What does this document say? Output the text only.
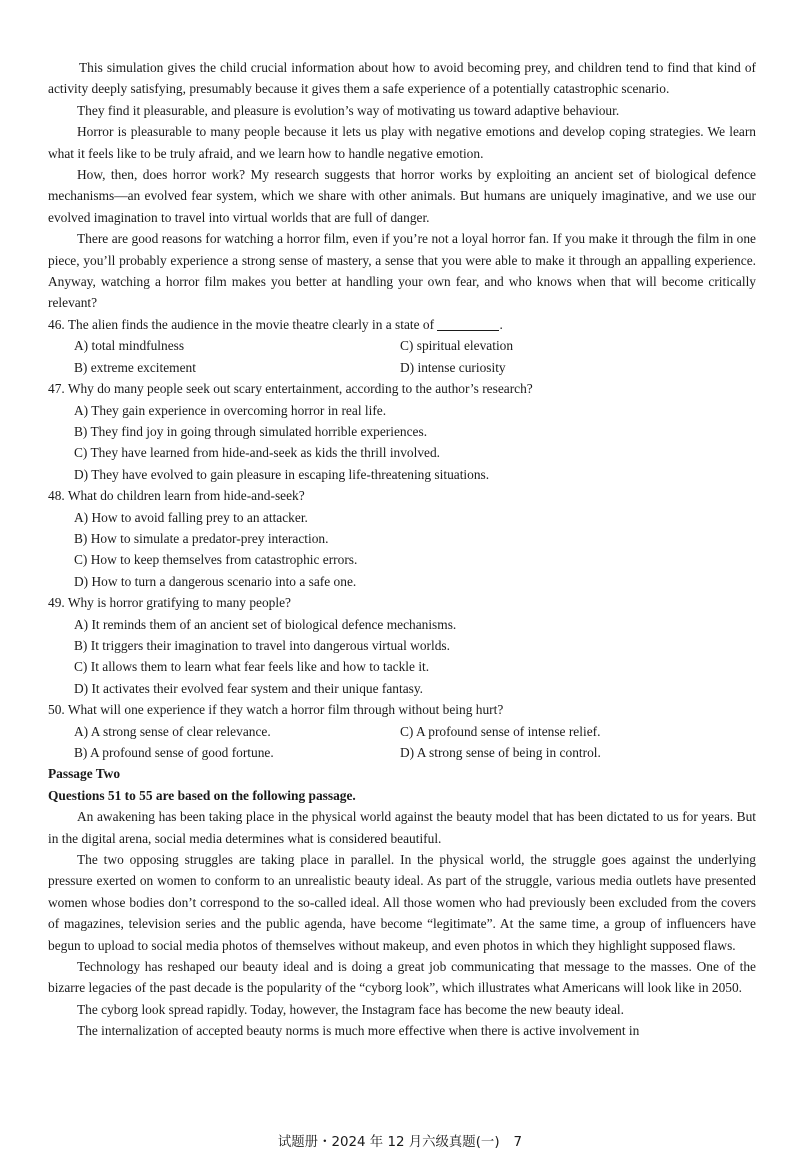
This simulation gives the child crucial information about how to avoid becoming prey, and children tend to find that kind of activity deeply satisfying, presumably because it gives them a safe experience of a potentially catastrophic scenario.

They find it pleasurable, and pleasure is evolution’s way of motivating us toward adaptive behaviour.

Horror is pleasurable to many people because it lets us play with negative emotions and develop coping strategies. We learn what it feels like to be truly afraid, and we learn how to handle negative emotion.

How, then, does horror work? My research suggests that horror works by exploiting an ancient set of biological defence mechanisms—an evolved fear system, which we share with other animals. But humans are uniquely imaginative, and we use our evolved imagination to travel into virtual worlds that are full of danger.

There are good reasons for watching a horror film, even if you’re not a loyal horror fan. If you make it through the film in one piece, you’ll probably experience a strong sense of mastery, a sense that you were able to make it through an appalling experience. Anyway, watching a horror film makes you better at handling your own fear, and who knows when that will become critically relevant?

46. The alien finds the audience in the movie theatre clearly in a state of	.

A) total mindfulness	C) spiritual elevation

B) extreme excitement	D) intense curiosity

47. Why do many people seek out scary entertainment, according to the author’s research?

A) They gain experience in overcoming horror in real life.

B) They find joy in going through simulated horrible experiences.

C) They have learned from hide-and-seek as kids the thrill involved.

D) They have evolved to gain pleasure in escaping life-threatening situations.

48. What do children learn from hide-and-seek?

A) How to avoid falling prey to an attacker.

B) How to simulate a predator-prey interaction.

C) How to keep themselves from catastrophic errors.

D) How to turn a dangerous scenario into a safe one.

49. Why is horror gratifying to many people?

A) It reminds them of an ancient set of biological defence mechanisms.

B) It triggers their imagination to travel into dangerous virtual worlds.

C) It allows them to learn what fear feels like and how to tackle it.

D) It activates their evolved fear system and their unique fantasy.

50. What will one experience if they watch a horror film through without being hurt?

A) A strong sense of clear relevance.	C) A profound sense of intense relief.

B) A profound sense of good fortune.	D) A strong sense of being in control.

Passage Two

Questions 51 to 55 are based on the following passage.

An awakening has been taking place in the physical world against the beauty model that has been dictated to us for years. But in the digital arena, social media determines what is considered beautiful.

The two opposing struggles are taking place in parallel. In the physical world, the struggle goes against the underlying pressure exerted on women to conform to an unrealistic beauty ideal. As part of the struggle, various media outlets have presented women whose bodies don’t correspond to the so-called ideal. All those women who had previously been excluded from the covers of magazines, television series and the public agenda, have become “legitimate”. At the same time, a group of influencers have begun to upload to social media photos of themselves without makeup, and even photos in which they highlight supposed flaws.

Technology has reshaped our beauty ideal and is doing a great job communicating that message to the masses. One of the bizarre legacies of the past decade is the popularity of the “cyborg look”, which illustrates what Americans will look like in 2050.

The cyborg look spread rapidly. Today, however, the Instagram face has become the new beauty ideal.

The internalization of accepted beauty norms is much more effective when there is active involvement in

试题册・2024 年 12 月六级真题(一) 7
